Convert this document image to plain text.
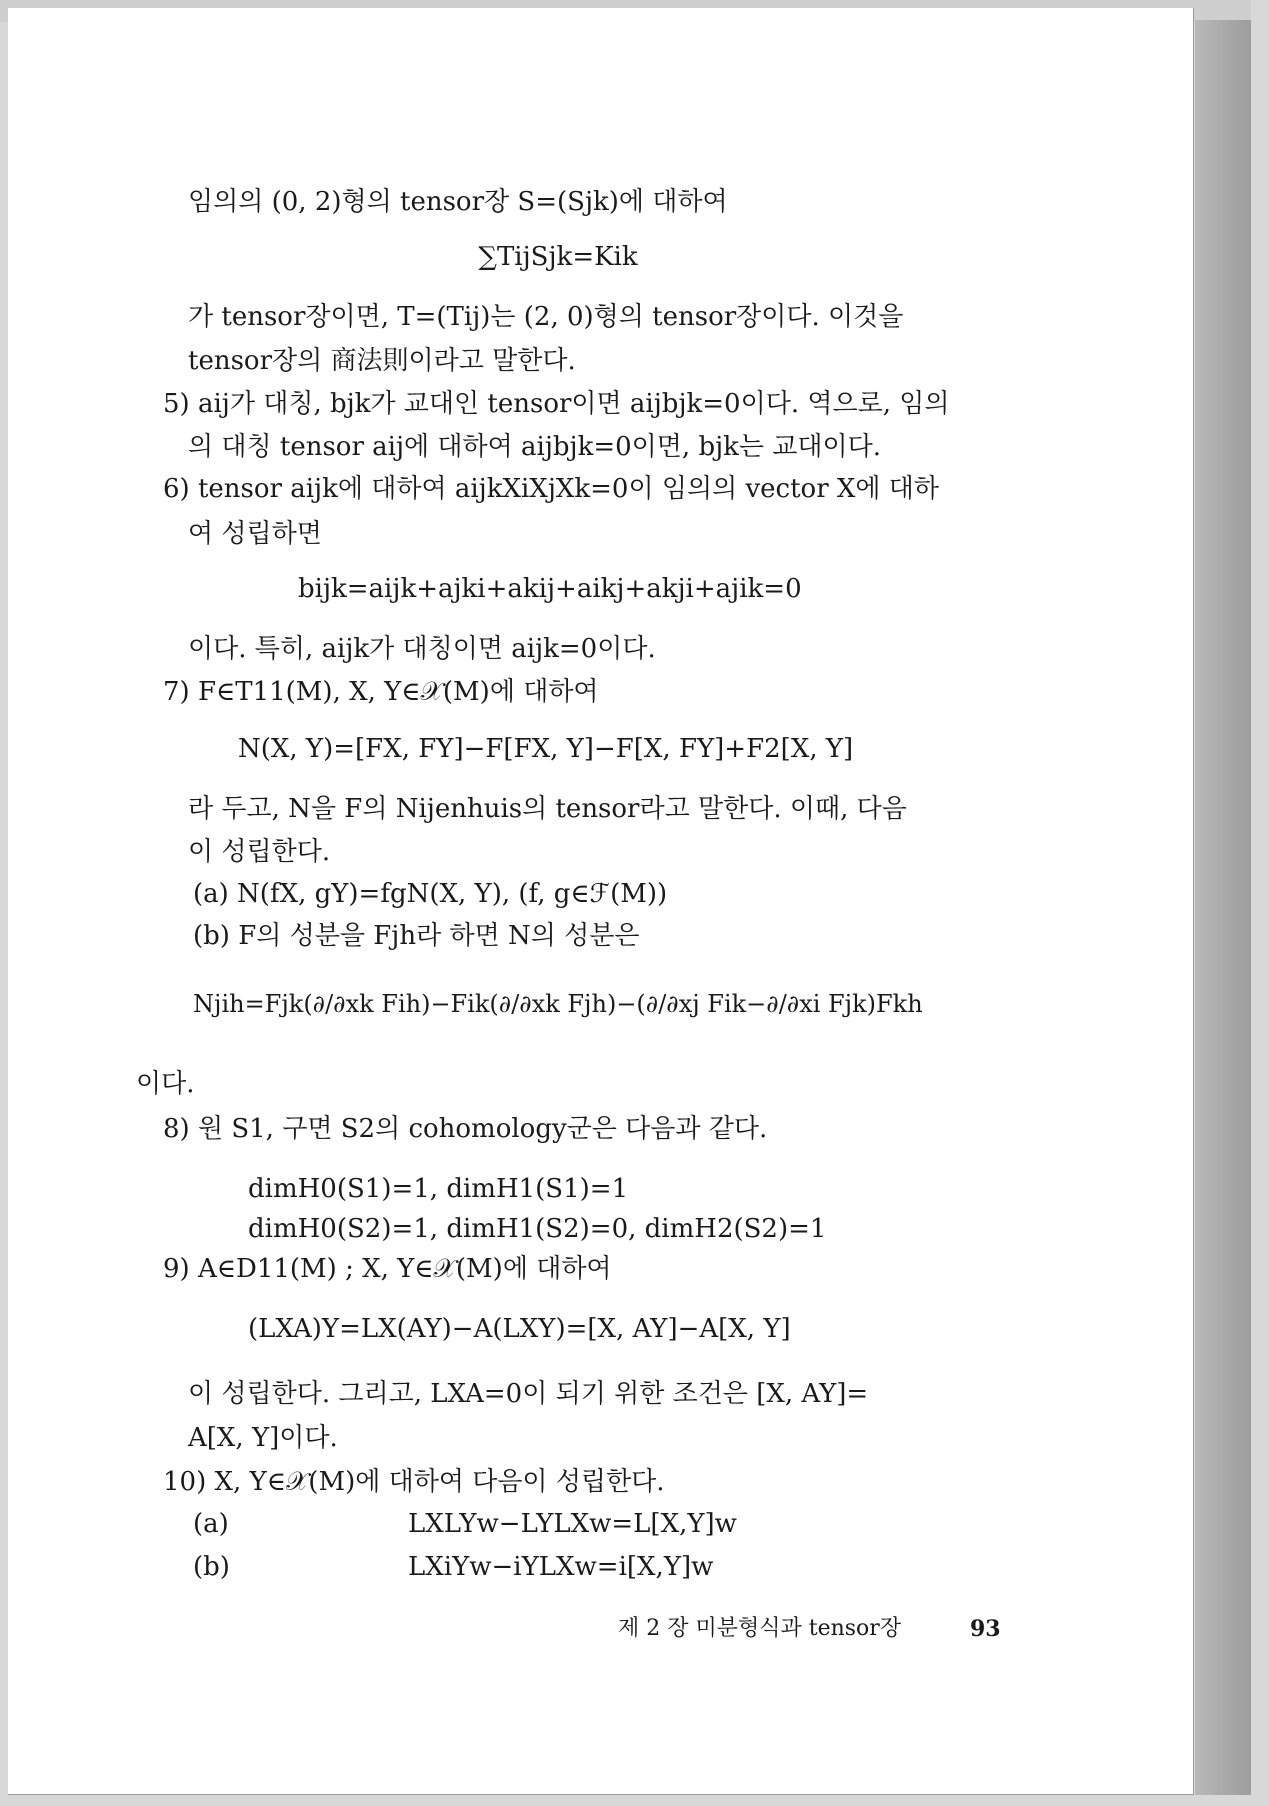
임의의 (0, 2)형의 tensor장 S=(Sjk)에 대하여
∑TijSjk=Kik
가 tensor장이면, T=(Tij)는 (2, 0)형의 tensor장이다. 이것을
tensor장의 商法則이라고 말한다.
5) aij가 대칭, bjk가 교대인 tensor이면 aijbjk=0이다. 역으로, 임의
의 대칭 tensor aij에 대하여 aijbjk=0이면, bjk는 교대이다.
6) tensor aijk에 대하여 aijkXiXjXk=0이 임의의 vector X에 대하
여 성립하면
bijk=aijk+ajki+akij+aikj+akji+ajik=0
이다. 특히, aijk가 대칭이면 aijk=0이다.
7) F∈T11(M), X, Y∈𝒳(M)에 대하여
N(X, Y)=[FX, FY]−F[FX, Y]−F[X, FY]+F2[X, Y]
라 두고, N을 F의 Nijenhuis의 tensor라고 말한다. 이때, 다음
이 성립한다.
(a) N(fX, gY)=fgN(X, Y), (f, g∈ℱ(M))
(b) F의 성분을 Fjh라 하면 N의 성분은
Njih=Fjk(∂/∂xk Fih)−Fik(∂/∂xk Fjh)−(∂/∂xj Fik−∂/∂xi Fjk)Fkh
이다.
8) 원 S1, 구면 S2의 cohomology군은 다음과 같다.
dimH0(S1)=1, dimH1(S1)=1
dimH0(S2)=1, dimH1(S2)=0, dimH2(S2)=1
9) A∈D11(M) ; X, Y∈𝒳(M)에 대하여
(LXA)Y=LX(AY)−A(LXY)=[X, AY]−A[X, Y]
이 성립한다. 그리고, LXA=0이 되기 위한 조건은 [X, AY]=
A[X, Y]이다.
10) X, Y∈𝒳(M)에 대하여 다음이 성립한다.
(a)	LXLYw−LYLXw=L[X,Y]w
(b)	LXiYw−iYLXw=i[X,Y]w
제 2 장 미분형식과 tensor장	93
